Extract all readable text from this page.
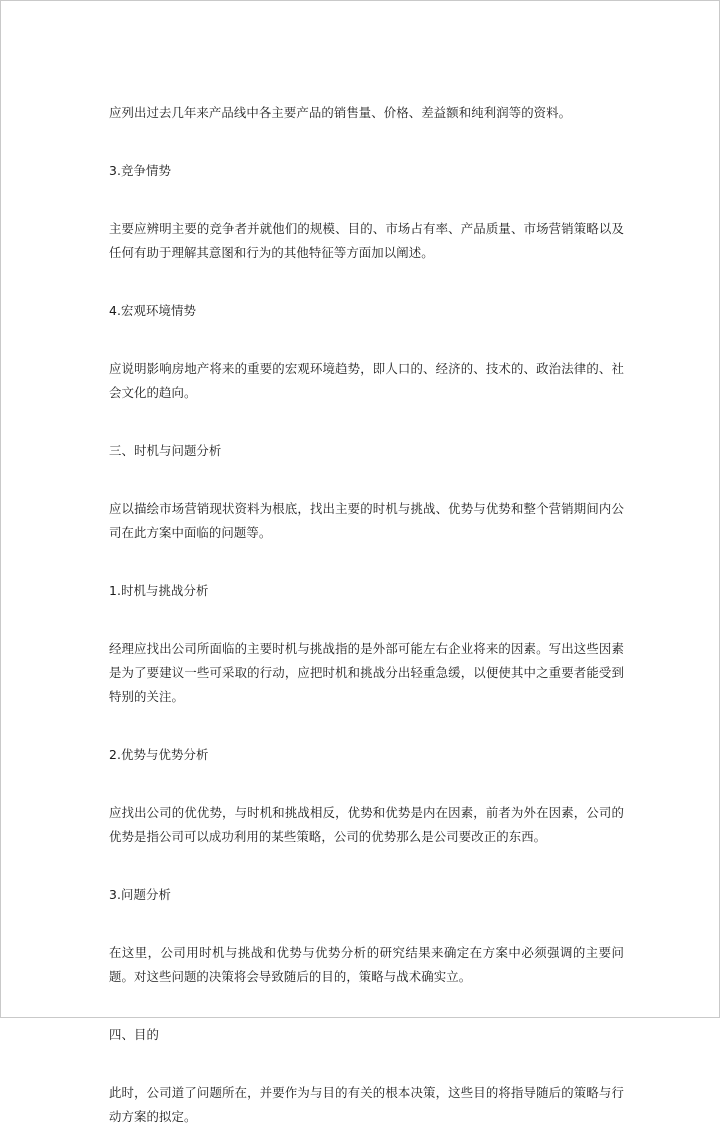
应列出过去几年来产品线中各主要产品的销售量、价格、差益额和纯利润等的资料。

3.竞争情势

主要应辨明主要的竞争者并就他们的规模、目的、市场占有率、产品质量、市场营销策略以及任何有助于理解其意图和行为的其他特征等方面加以阐述。

4.宏观环境情势

应说明影响房地产将来的重要的宏观环境趋势，即人口的、经济的、技术的、政治法律的、社会文化的趋向。

三、时机与问题分析

应以描绘市场营销现状资料为根底，找出主要的时机与挑战、优势与优势和整个营销期间内公司在此方案中面临的问题等。

1.时机与挑战分析

经理应找出公司所面临的主要时机与挑战指的是外部可能左右企业将来的因素。写出这些因素是为了要建议一些可采取的行动，应把时机和挑战分出轻重急缓，以便使其中之重要者能受到特别的关注。

2.优势与优势分析

应找出公司的优优势，与时机和挑战相反，优势和优势是内在因素，前者为外在因素，公司的优势是指公司可以成功利用的某些策略，公司的优势那么是公司要改正的东西。

3.问题分析

在这里，公司用时机与挑战和优势与优势分析的研究结果来确定在方案中必须强调的主要问题。对这些问题的决策将会导致随后的目的，策略与战术确实立。

四、目的

此时，公司道了问题所在，并要作为与目的有关的根本决策，这些目的将指导随后的策略与行动方案的拟定。
